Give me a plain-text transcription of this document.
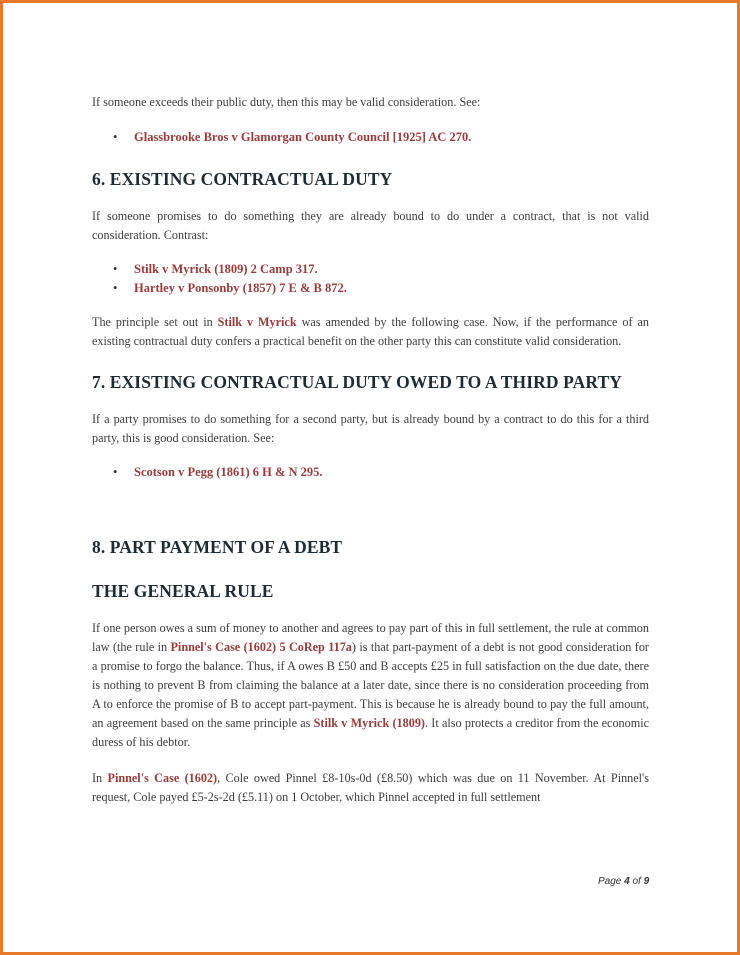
If someone exceeds their public duty, then this may be valid consideration. See:

• Glassbrooke Bros v Glamorgan County Council [1925] AC 270.
6. EXISTING CONTRACTUAL DUTY

If someone promises to do something they are already bound to do under a contract, that is not valid consideration. Contrast:

• Stilk v Myrick (1809) 2 Camp 317.
• Hartley v Ponsonby (1857) 7 E & B 872.

The principle set out in Stilk v Myrick was amended by the following case. Now, if the performance of an existing contractual duty confers a practical benefit on the other party this can constitute valid consideration.

7. EXISTING CONTRACTUAL DUTY OWED TO A THIRD PARTY

If a party promises to do something for a second party, but is already bound by a contract to do this for a third party, this is good consideration. See:

• Scotson v Pegg (1861) 6 H & N 295.
8. PART PAYMENT OF A DEBT
THE GENERAL RULE

If one person owes a sum of money to another and agrees to pay part of this in full settlement, the rule at common law (the rule in Pinnel's Case (1602) 5 CoRep 117a) is that part-payment of a debt is not good consideration for a promise to forgo the balance. Thus, if A owes B £50 and B accepts £25 in full satisfaction on the due date, there is nothing to prevent B from claiming the balance at a later date, since there is no consideration proceeding from A to enforce the promise of B to accept part-payment. This is because he is already bound to pay the full amount, an agreement based on the same principle as Stilk v Myrick (1809). It also protects a creditor from the economic duress of his debtor.

In Pinnel's Case (1602), Cole owed Pinnel £8-10s-0d (£8.50) which was due on 11 November. At Pinnel's request, Cole payed £5-2s-2d (£5.11) on 1 October, which Pinnel accepted in full settlement

Page 4 of 9
